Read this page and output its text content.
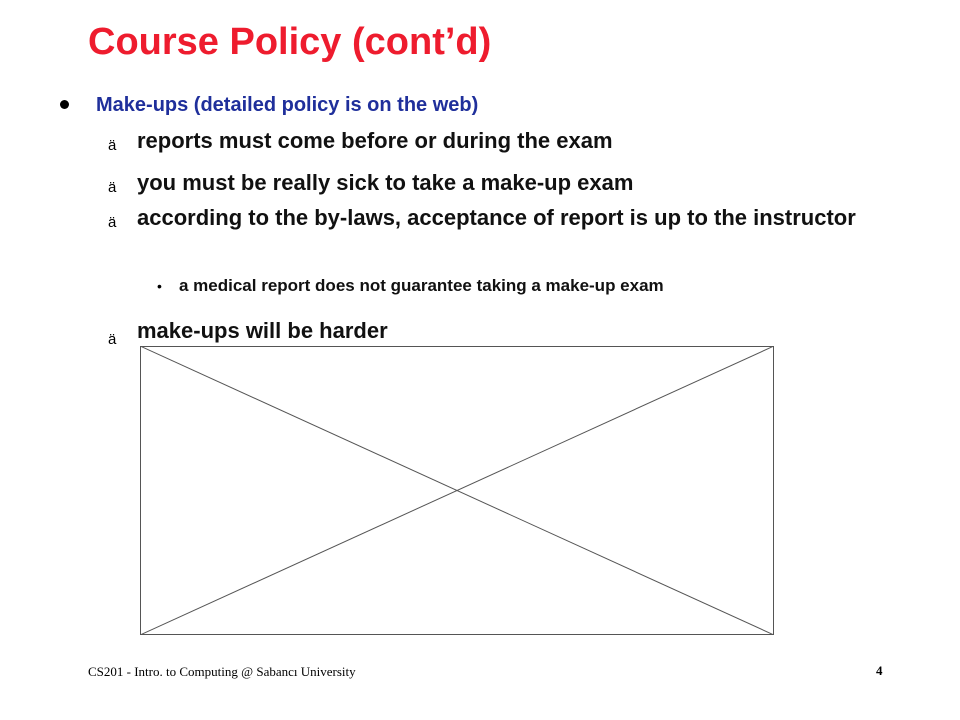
Course Policy (cont’d)
Make-ups (detailed policy is on the web)
ä reports must come before or during the exam
ä you must be really sick to take a make-up exam
ä according to the by-laws, acceptance of report is up to the instructor
• a medical report does not guarantee taking a make-up exam
ä make-ups will be harder
CS201 - Intro. to Computing @ Sabancı University	4
